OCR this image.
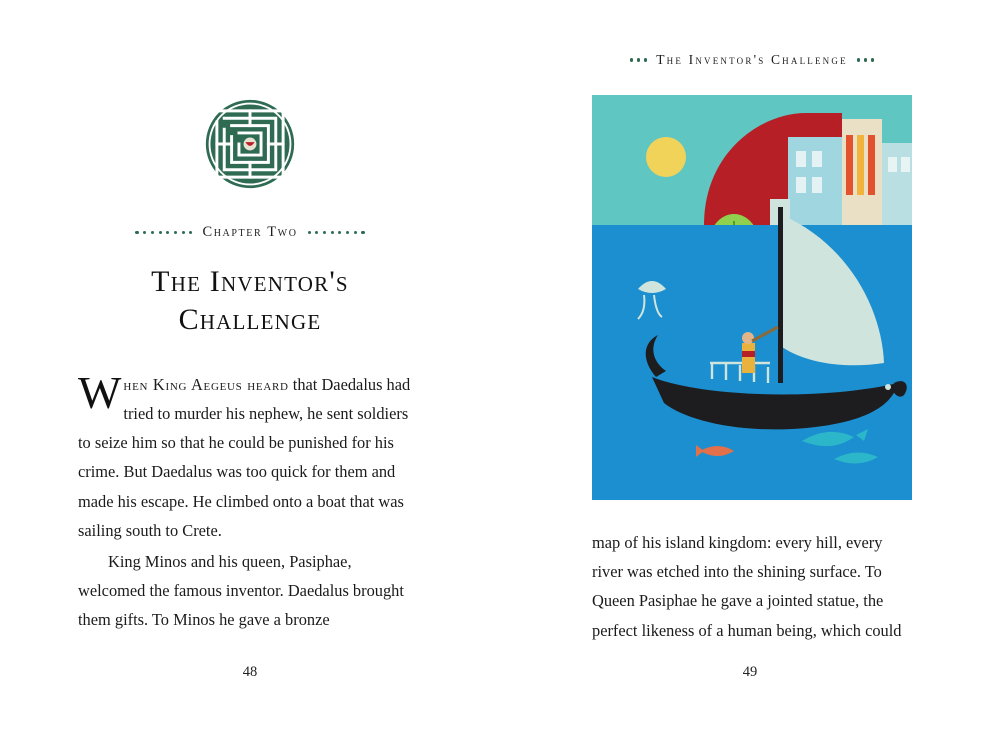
Chapter Two
The Inventor's
Challenge

When King Aegeus heard that Daedalus had tried to murder his nephew, he sent soldiers to seize him so that he could be punished for his crime. But Daedalus was too quick for them and made his escape. He climbed onto a boat that was sailing south to Crete.

King Minos and his queen, Pasiphae, welcomed the famous inventor. Daedalus brought them gifts. To Minos he gave a bronze

48
The Inventor's Challenge

map of his island kingdom: every hill, every river was etched into the shining surface. To Queen Pasiphae he gave a jointed statue, the perfect likeness of a human being, which could

49
